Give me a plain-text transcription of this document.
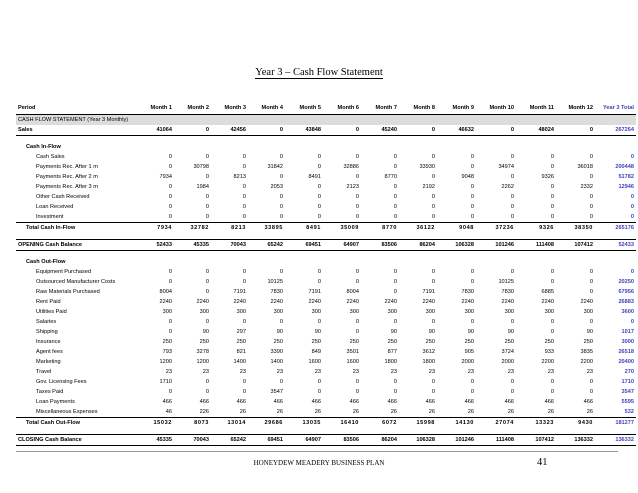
Year 3 – Cash Flow Statement
Period	Month 1	Month 2	Month 3	Month 4	Month 5	Month 6	Month 7	Month 8	Month 9	Month 10	Month 11	Month 12	Year 3 Total
CASH FLOW STATEMENT (Year 3 Monthly)													
Sales	41064	0	42456	0	43848	0	45240	0	46632	0	48024	0	267264

Cash In-Flow													
Cash Sales	0	0	0	0	0	0	0	0	0	0	0	0	0
Payments Rec. After 1 m	0	30798	0	31842	0	32886	0	33930	0	34974	0	36018	200448
Payments Rec. After 2 m	7934	0	8213	0	8491	0	8770	0	9048	0	9326	0	51782
Payments Rec. After 3 m	0	1984	0	2053	0	2123	0	2192	0	2262	0	2332	12946
Other Cash Received	0	0	0	0	0	0	0	0	0	0	0	0	0
Loan Received	0	0	0	0	0	0	0	0	0	0	0	0	0
Investment	0	0	0	0	0	0	0	0	0	0	0	0	0
Total Cash In-Flow	7934	32782	8213	33895	8491	35009	8770	36122	9048	37236	9326	38350	265176

OPENING Cash Balance	52433	45335	70043	65242	69451	64907	83506	86204	106328	101246	111408	107412	52433

Cash Out-Flow													
Equipment Purchased	0	0	0	0	0	0	0	0	0	0	0	0	0
Outsourced Manufacturer Costs	0	0	0	10125	0	0	0	0	0	10125	0	0	20250
Raw Materials Purchased	8004	0	7191	7830	7191	8004	0	7191	7830	7830	6885	0	67956
Rent Paid	2240	2240	2240	2240	2240	2240	2240	2240	2240	2240	2240	2240	26883
Utilities Paid	300	300	300	300	300	300	300	300	300	300	300	300	3600
Salaries	0	0	0	0	0	0	0	0	0	0	0	0	0
Shipping	0	90	297	90	90	0	90	90	90	90	0	90	1017
Insurance	250	250	250	250	250	250	250	250	250	250	250	250	3000
Agent fees	793	3278	821	3390	849	3501	877	3612	905	3724	933	3835	26518
Marketing	1200	1200	1400	1400	1600	1600	1800	1800	2000	2000	2200	2200	20400
Travel	23	23	23	23	23	23	23	23	23	23	23	23	270
Gov. Licensing Fees	1710	0	0	0	0	0	0	0	0	0	0	0	1710
Taxes Paid	0	0	0	3547	0	0	0	0	0	0	0	0	3547
Loan Payments	466	466	466	466	466	466	466	466	466	466	466	466	5595
Miscellaneous Expenses	46	226	26	26	26	26	26	26	26	26	26	26	532
Total Cash Out-Flow	15032	8073	13014	29686	13035	16410	6072	15998	14130	27074	13323	9430	181277

CLOSING Cash Balance	45335	70043	65242	69451	64907	83506	86204	106328	101246	111408	107412	136332	136332
HONEYDEW MEADERY BUSINESS PLAN	41
